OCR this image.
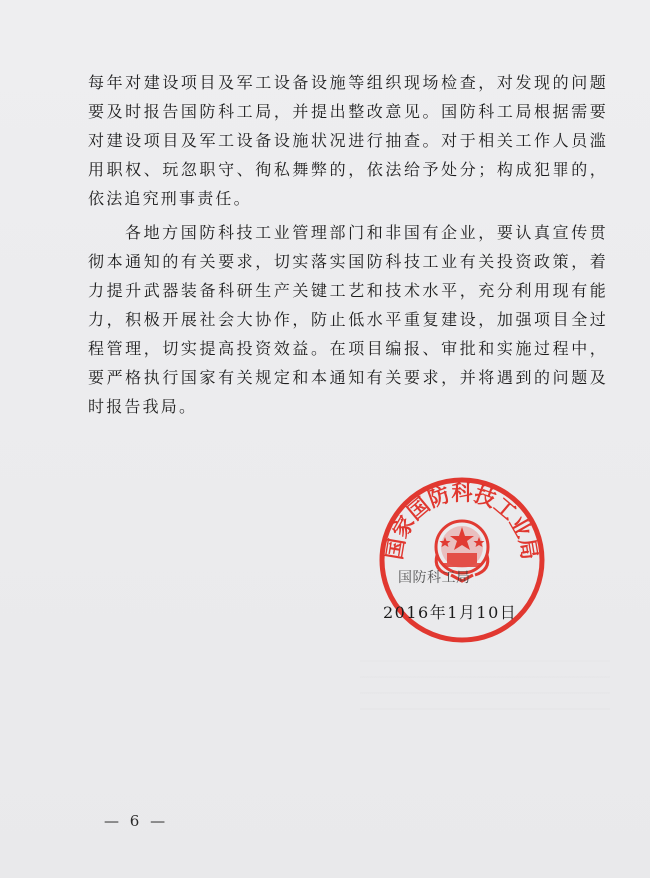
每年对建设项目及军工设备设施等组织现场检查，对发现的问题要及时报告国防科工局，并提出整改意见。国防科工局根据需要对建设项目及军工设备设施状况进行抽查。对于相关工作人员滥用职权、玩忽职守、徇私舞弊的，依法给予处分；构成犯罪的，依法追究刑事责任。

各地方国防科技工业管理部门和非国有企业，要认真宣传贯彻本通知的有关要求，切实落实国防科技工业有关投资政策，着力提升武器装备科研生产关键工艺和技术水平，充分利用现有能力，积极开展社会大协作，防止低水平重复建设，加强项目全过程管理，切实提高投资效益。在项目编报、审批和实施过程中，要严格执行国家有关规定和本通知有关要求，并将遇到的问题及时报告我局。

国家国防科技工业局
国防科工局
2016年1月10日
— 6 —
